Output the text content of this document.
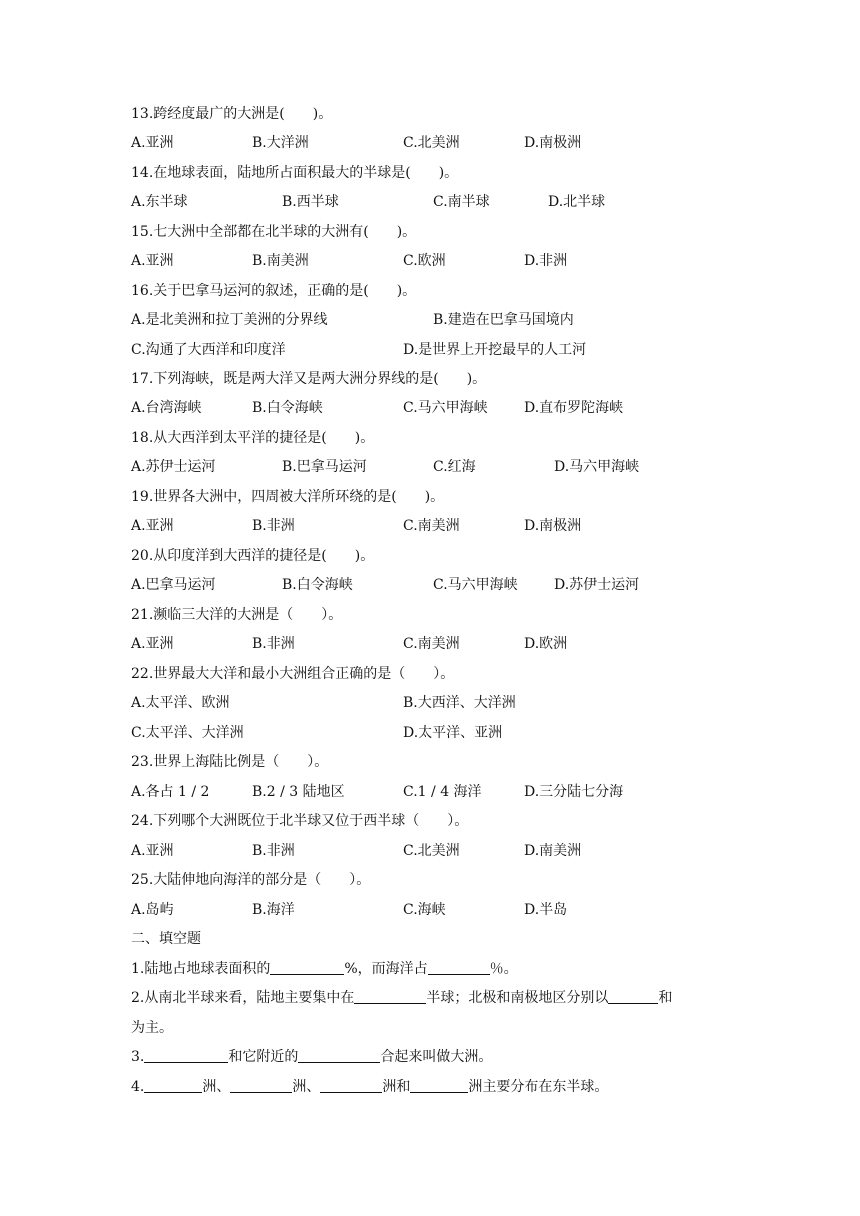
13.跨经度最广的大洲是(　　)。
A.亚洲	B.大洋洲	C.北美洲	D.南极洲
14.在地球表面，陆地所占面积最大的半球是(　　)。
A.东半球	B.西半球	C.南半球	D.北半球
15.七大洲中全部都在北半球的大洲有(　　)。
A.亚洲	B.南美洲	C.欧洲	D.非洲
16.关于巴拿马运河的叙述，正确的是(　　)。
A.是北美洲和拉丁美洲的分界线	B.建造在巴拿马国境内
C.沟通了大西洋和印度洋	D.是世界上开挖最早的人工河
17.下列海峡，既是两大洋又是两大洲分界线的是(　　)。
A.台湾海峡	B.白令海峡	C.马六甲海峡	D.直布罗陀海峡
18.从大西洋到太平洋的捷径是(　　)。
A.苏伊士运河	B.巴拿马运河	C.红海	D.马六甲海峡
19.世界各大洲中，四周被大洋所环绕的是(　　)。
A.亚洲	B.非洲	C.南美洲	D.南极洲
20.从印度洋到大西洋的捷径是(　　)。
A.巴拿马运河	B.白令海峡	C.马六甲海峡	D.苏伊士运河
21.濒临三大洋的大洲是（　　）。
A.亚洲	B.非洲	C.南美洲	D.欧洲
22.世界最大大洋和最小大洲组合正确的是（　　）。
A.太平洋、欧洲	B.大西洋、大洋洲
C.太平洋、大洋洲	D.太平洋、亚洲
23.世界上海陆比例是（　　）。
A.各占 1 / 2	B.2 / 3 陆地区	C.1 / 4 海洋	D.三分陆七分海
24.下列哪个大洲既位于北半球又位于西半球（　　）。
A.亚洲	B.非洲	C.北美洲	D.南美洲
25.大陆伸地向海洋的部分是（　　）。
A.岛屿	B.海洋	C.海峡	D.半岛
二、填空题
1.陆地占地球表面积的	%，而海洋占	％。
2.从南北半球来看，陆地主要集中在	半球；北极和南极地区分别以	和
为主。
3.	和它附近的	合起来叫做大洲。
4.	洲、	洲、	洲和	洲主要分布在东半球。
